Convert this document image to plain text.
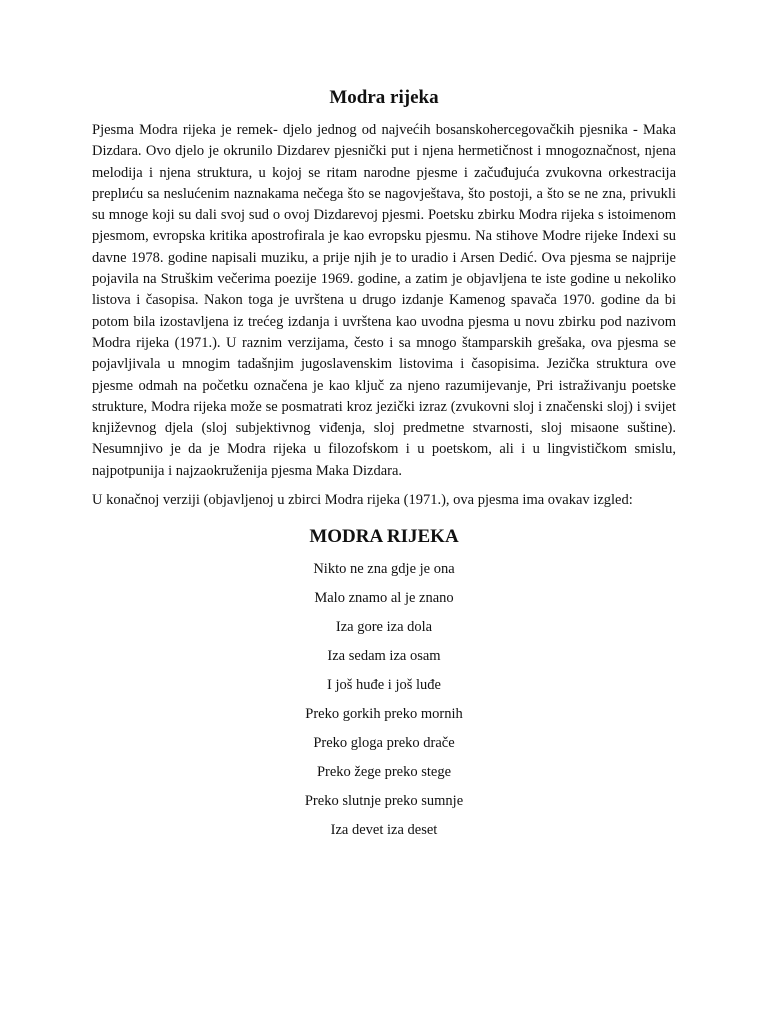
Modra rijeka

Pjesma Modra rijeka je remek- djelo jednog od najvećih bosanskohercegovačkih pjesnika - Maka Dizdara. Ovo djelo je okrunilo Dizdarev pjesnički put i njena hermetičnost i mnogoznačnost, njena melodija i njena struktura, u kojoj se ritam narodne pjesme i začuđujuća zvukovna orkestracija preplиću sa neslućenim naznakama nečega što se nagovještava, što postoji, a što se ne zna, privukli su mnoge koji su dali svoj sud o ovoj Dizdarevoj pjesmi. Poetsku zbirku Modra rijeka s istoimenom pjesmom, evropska kritika apostrofirala je kao evropsku pjesmu. Na stihove Modre rijeke Indexi su davne 1978. godine napisali muziku, a prije njih je to uradio i Arsen Dedić. Ova pjesma se najprije pojavila na Struškim večerima poezije 1969. godine, a zatim je objavljena te iste godine u nekoliko listova i časopisa. Nakon toga je uvrštena u drugo izdanje Kamenog spavača 1970. godine da bi potom bila izostavljena iz trećeg izdanja i uvrštena kao uvodna pjesma u novu zbirku pod nazivom Modra rijeka (1971.). U raznim verzijama, često i sa mnogo štamparskih grešaka, ova pjesma se pojavljivala u mnogim tadašnjim jugoslavenskim listovima i časopisima. Jezička struktura ove pjesme odmah na početku označena je kao ključ za njeno razumijevanje, Pri istraživanju poetske strukture, Modra rijeka može se posmatrati kroz jezički izraz (zvukovni sloj i značenski sloj) i svijet književnog djela (sloj subjektivnog viđenja, sloj predmetne stvarnosti, sloj misaone suštine). Nesumnjivo je da je Modra rijeka u filozofskom i u poetskom, ali i u lingvističkom smislu, najpotpunija i najzaokruženija pjesma Maka Dizdara.

U konačnoj verziji (objavljenoj u zbirci Modra rijeka (1971.), ova pjesma ima ovakav izgled:

MODRA RIJEKA

Nikto ne zna gdje je ona

Malo znamo al je znano

Iza gore iza dola

Iza sedam iza osam

I još huđe i još luđe

Preko gorkih preko mornih

Preko gloga preko drače

Preko žege preko stege

Preko slutnje preko sumnje

Iza devet iza deset
